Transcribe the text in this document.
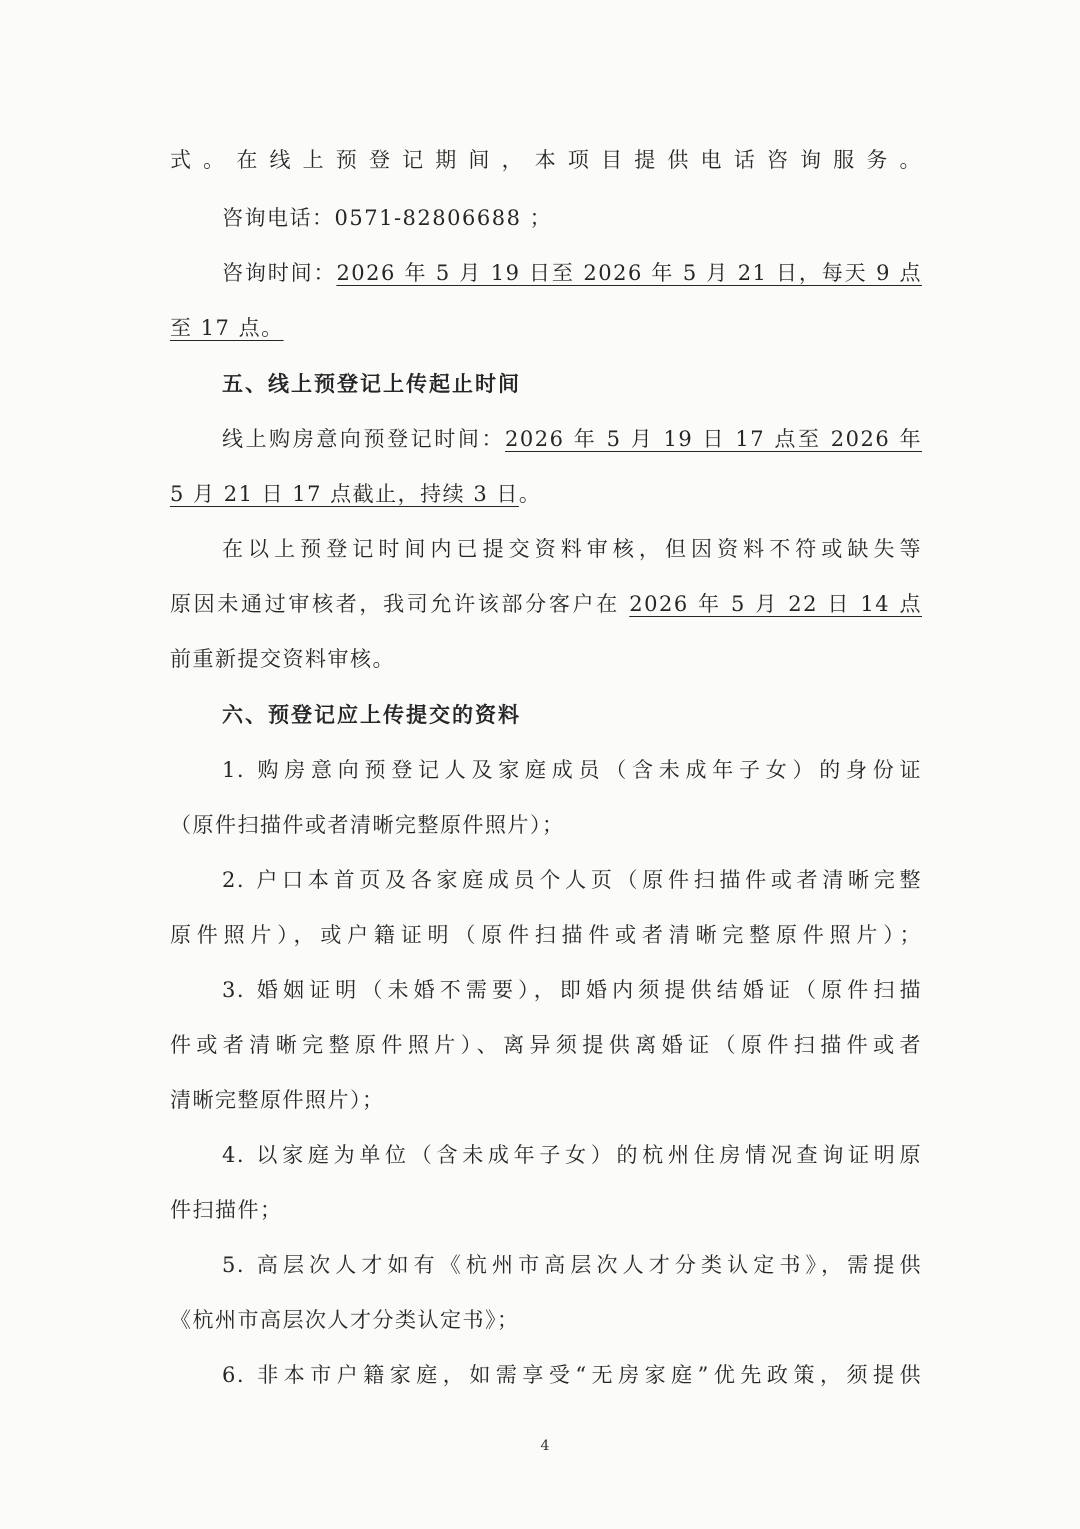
式。在线上预登记期间，本项目提供电话咨询服务。
咨询电话：0571-82806688 ；
咨询时间：2026 年 5 月 19 日至 2026 年 5 月 21 日，每天 9 点
至 17 点。
五、线上预登记上传起止时间
线上购房意向预登记时间：2026 年 5 月 19 日 17 点至 2026 年
5 月 21 日 17 点截止，持续 3 日。
在以上预登记时间内已提交资料审核，但因资料不符或缺失等
原因未通过审核者，我司允许该部分客户在 2026 年 5 月 22 日 14 点
前重新提交资料审核。
六、预登记应上传提交的资料
1. 购房意向预登记人及家庭成员（含未成年子女）的身份证
（原件扫描件或者清晰完整原件照片）；
2. 户口本首页及各家庭成员个人页（原件扫描件或者清晰完整
原件照片），或户籍证明（原件扫描件或者清晰完整原件照片）；
3. 婚姻证明（未婚不需要），即婚内须提供结婚证（原件扫描
件或者清晰完整原件照片）、离异须提供离婚证（原件扫描件或者
清晰完整原件照片）；
4. 以家庭为单位（含未成年子女）的杭州住房情况查询证明原
件扫描件；
5. 高层次人才如有《杭州市高层次人才分类认定书》，需提供
《杭州市高层次人才分类认定书》；
6. 非本市户籍家庭，如需享受“无房家庭”优先政策，须提供
4
